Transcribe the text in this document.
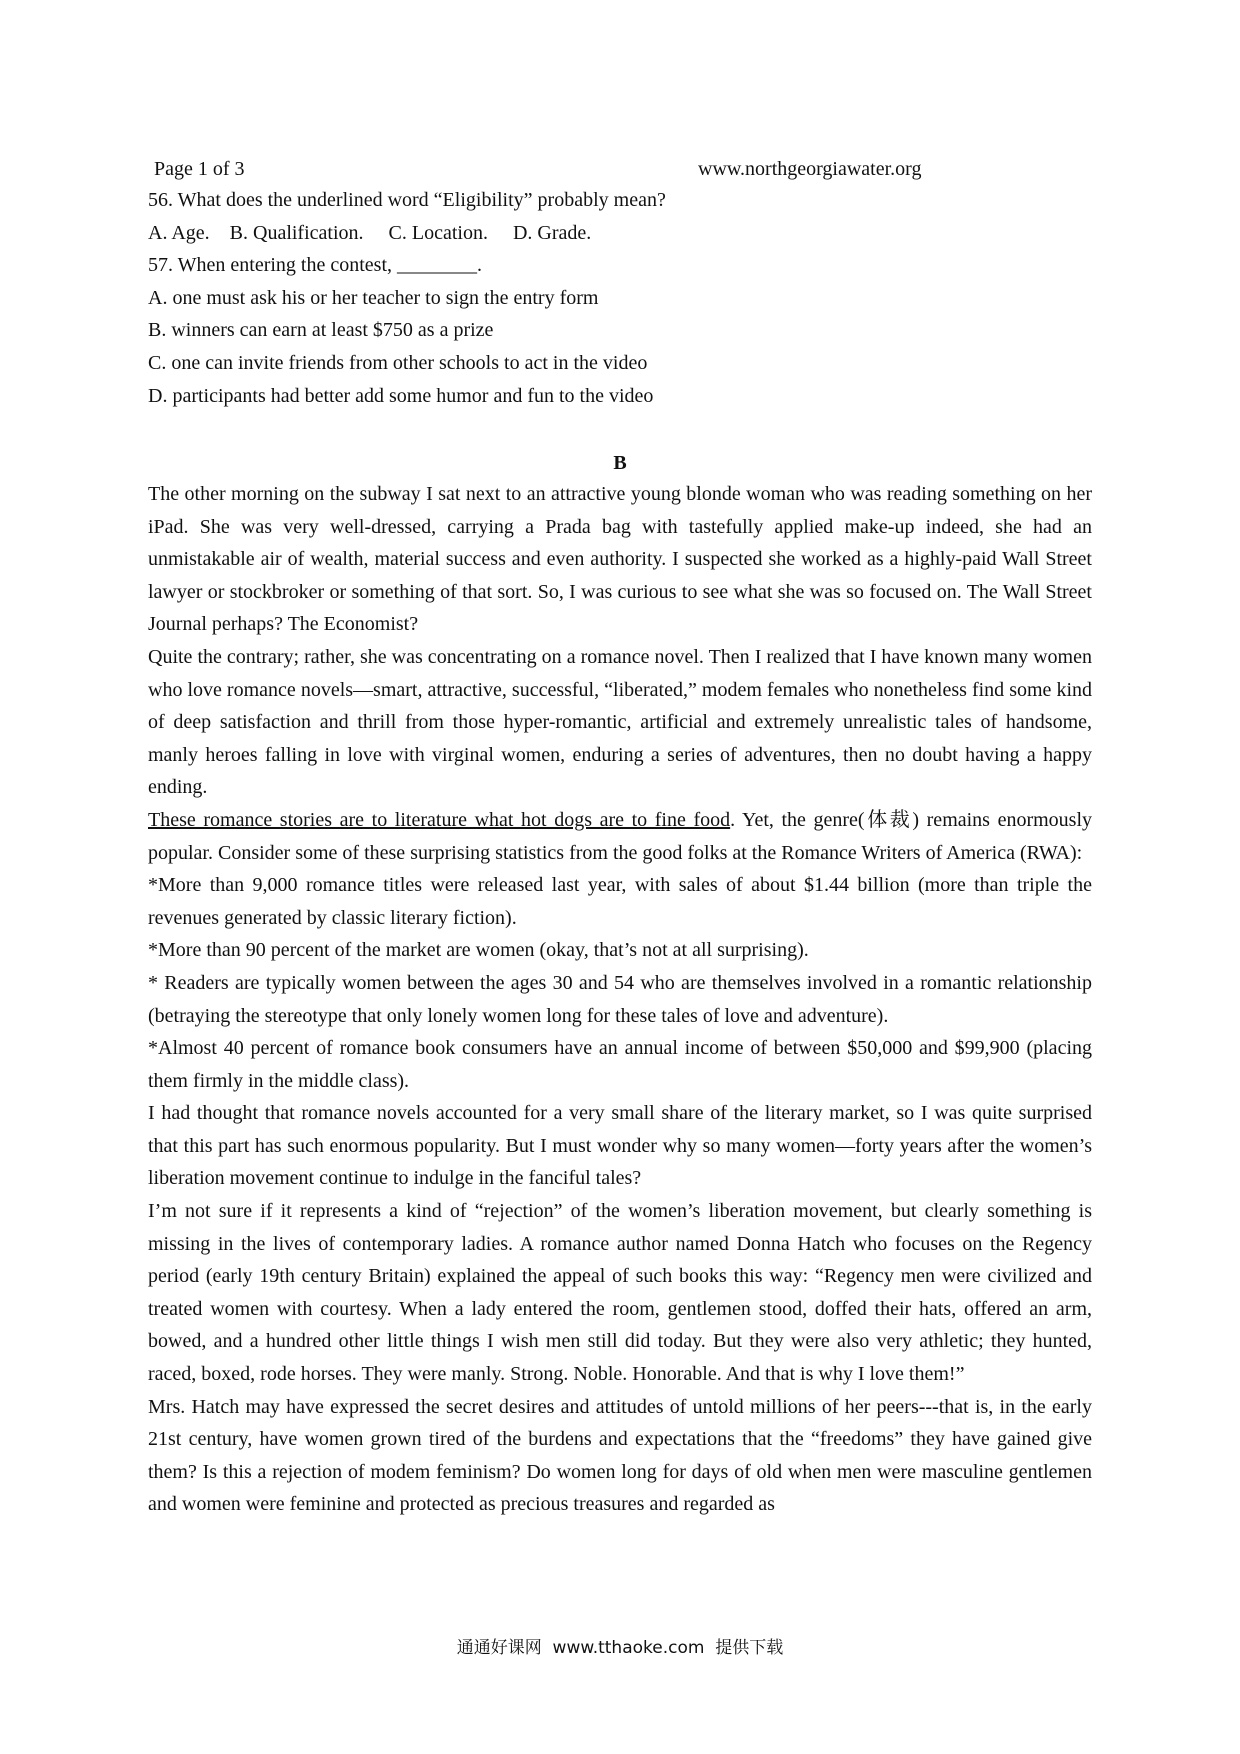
Page 1 of 3	www.northgeorgiawater.org
56. What does the underlined word “Eligibility” probably mean?
A. Age.    B. Qualification.     C. Location.     D. Grade.
57. When entering the contest, ________.
A. one must ask his or her teacher to sign the entry form
B. winners can earn at least $750 as a prize
C. one can invite friends from other schools to act in the video
D. participants had better add some humor and fun to the video
B

The other morning on the subway I sat next to an attractive young blonde woman who was reading something on her iPad. She was very well-dressed, carrying a Prada bag with tastefully applied make-up indeed, she had an unmistakable air of wealth, material success and even authority. I suspected she worked as a highly-paid Wall Street lawyer or stockbroker or something of that sort. So, I was curious to see what she was so focused on. The Wall Street Journal perhaps? The Economist?

Quite the contrary; rather, she was concentrating on a romance novel. Then I realized that I have known many women who love romance novels—smart, attractive, successful, “liberated,” modem females who nonetheless find some kind of deep satisfaction and thrill from those hyper-romantic, artificial and extremely unrealistic tales of handsome, manly heroes falling in love with virginal women, enduring a series of adventures, then no doubt having a happy ending.

These romance stories are to literature what hot dogs are to fine food. Yet, the genre(体裁) remains enormously popular. Consider some of these surprising statistics from the good folks at the Romance Writers of America (RWA):

*More than 9,000 romance titles were released last year, with sales of about $1.44 billion (more than triple the revenues generated by classic literary fiction).

*More than 90 percent of the market are women (okay, that’s not at all surprising).

* Readers are typically women between the ages 30 and 54 who are themselves involved in a romantic relationship (betraying the stereotype that only lonely women long for these tales of love and adventure).

*Almost 40 percent of romance book consumers have an annual income of between $50,000 and $99,900 (placing them firmly in the middle class).

I had thought that romance novels accounted for a very small share of the literary market, so I was quite surprised that this part has such enormous popularity. But I must wonder why so many women—forty years after the women’s liberation movement continue to indulge in the fanciful tales?

I’m not sure if it represents a kind of “rejection” of the women’s liberation movement, but clearly something is missing in the lives of contemporary ladies. A romance author named Donna Hatch who focuses on the Regency period (early 19th century Britain) explained the appeal of such books this way: “Regency men were civilized and treated women with courtesy. When a lady entered the room, gentlemen stood, doffed their hats, offered an arm, bowed, and a hundred other little things I wish men still did today. But they were also very athletic; they hunted, raced, boxed, rode horses. They were manly. Strong. Noble. Honorable. And that is why I love them!”

Mrs. Hatch may have expressed the secret desires and attitudes of untold millions of her peers---that is, in the early 21st century, have women grown tired of the burdens and expectations that the “freedoms” they have gained give them? Is this a rejection of modem feminism? Do women long for days of old when men were masculine gentlemen and women were feminine and protected as precious treasures and regarded as

通通好课网  www.tthaoke.com  提供下载
